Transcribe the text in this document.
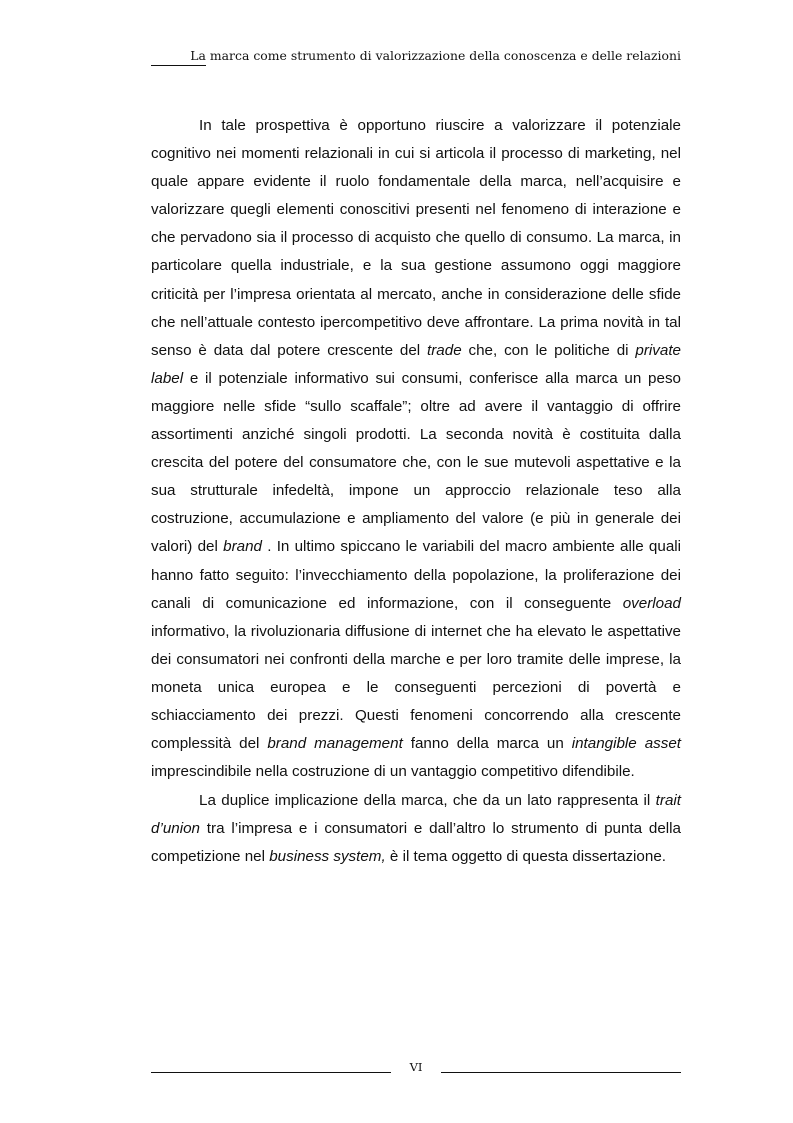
La marca come strumento di valorizzazione della conoscenza e delle relazioni

In tale prospettiva è opportuno riuscire a valorizzare il potenziale cognitivo nei momenti relazionali in cui si articola il processo di marketing, nel quale appare evidente il ruolo fondamentale della marca, nell’acquisire e valorizzare quegli elementi conoscitivi presenti nel fenomeno di interazione e che pervadono sia il processo di acquisto che quello di consumo. La marca, in particolare quella industriale, e la sua gestione assumono oggi maggiore criticità per l’impresa orientata al mercato, anche in considerazione delle sfide che nell’attuale contesto ipercompetitivo deve affrontare. La prima novità in tal senso è data dal potere crescente del trade che, con le politiche di private label e il potenziale informativo sui consumi, conferisce alla marca un peso maggiore nelle sfide “sullo scaffale”; oltre ad avere il vantaggio di offrire assortimenti anziché singoli prodotti. La seconda novità è costituita dalla crescita del potere del consumatore che, con le sue mutevoli aspettative e la sua strutturale infedeltà, impone un approccio relazionale teso alla costruzione, accumulazione e ampliamento del valore (e più in generale dei valori) del brand . In ultimo spiccano le variabili del macro ambiente alle quali hanno fatto seguito: l’invecchiamento della popolazione, la proliferazione dei canali di comunicazione ed informazione, con il conseguente overload informativo, la rivoluzionaria diffusione di internet che ha elevato le aspettative dei consumatori nei confronti della marche e per loro tramite delle imprese, la moneta unica europea e le conseguenti percezioni di povertà e schiacciamento dei prezzi. Questi fenomeni concorrendo alla crescente complessità del brand management fanno della marca un intangible asset imprescindibile nella costruzione di un vantaggio competitivo difendibile.

La duplice implicazione della marca, che da un lato rappresenta il trait d’union tra l’impresa e i consumatori e dall’altro lo strumento di punta della competizione nel business system, è il tema oggetto di questa dissertazione.

VI
